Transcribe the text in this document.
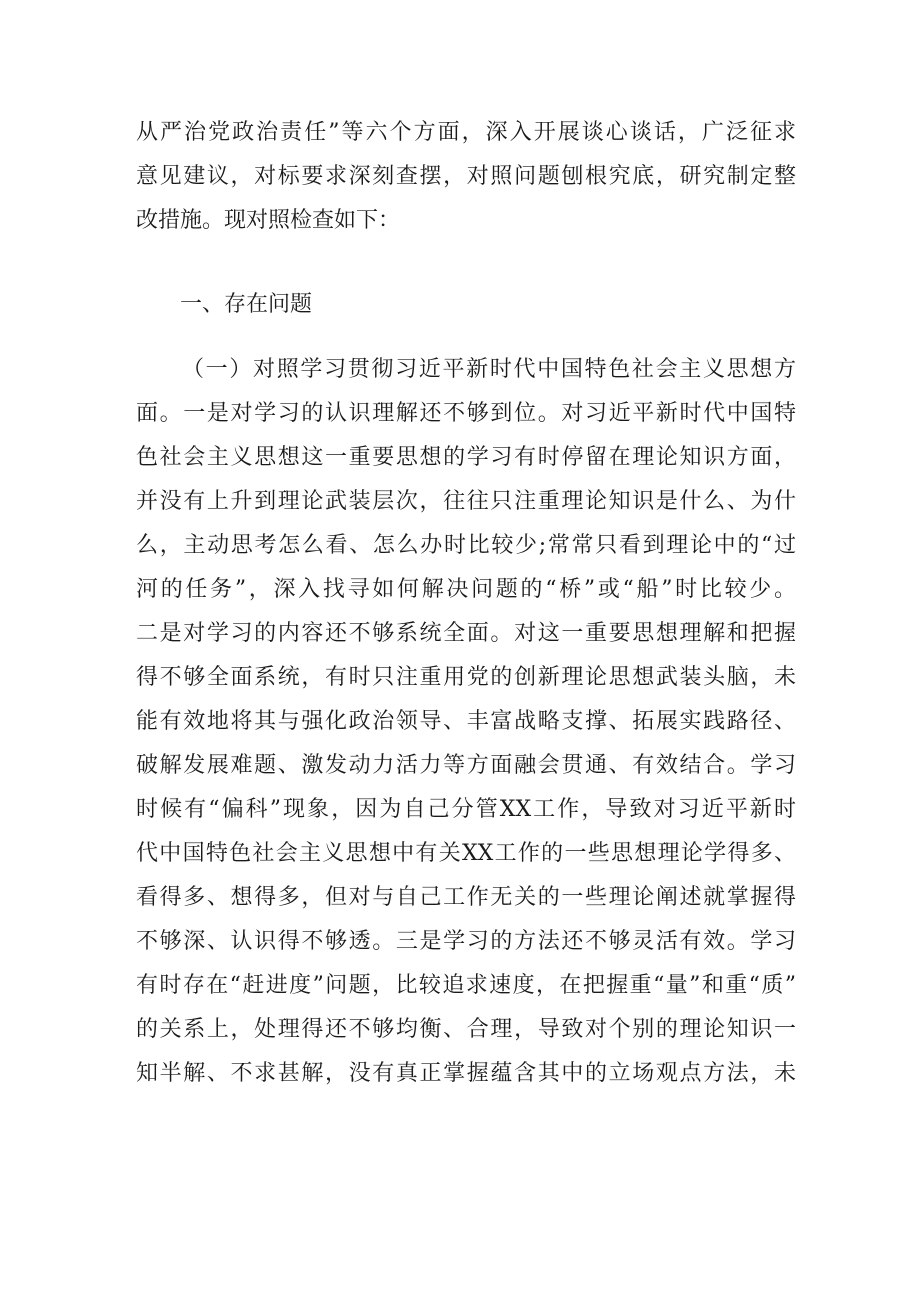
从严治党政治责任”等六个方面，深入开展谈心谈话，广泛征求
意见建议，对标要求深刻查摆，对照问题刨根究底，研究制定整
改措施。现对照检查如下：
一、存在问题
（一）对照学习贯彻习近平新时代中国特色社会主义思想方
面。一是对学习的认识理解还不够到位。对习近平新时代中国特
色社会主义思想这一重要思想的学习有时停留在理论知识方面，
并没有上升到理论武装层次，往往只注重理论知识是什么、为什
么，主动思考怎么看、怎么办时比较少;常常只看到理论中的“过
河的任务”，深入找寻如何解决问题的“桥”或“船”时比较少。
二是对学习的内容还不够系统全面。对这一重要思想理解和把握
得不够全面系统，有时只注重用党的创新理论思想武装头脑，未
能有效地将其与强化政治领导、丰富战略支撑、拓展实践路径、
破解发展难题、激发动力活力等方面融会贯通、有效结合。学习
时候有“偏科”现象，因为自己分管XX工作，导致对习近平新时
代中国特色社会主义思想中有关XX工作的一些思想理论学得多、
看得多、想得多，但对与自己工作无关的一些理论阐述就掌握得
不够深、认识得不够透。三是学习的方法还不够灵活有效。学习
有时存在“赶进度”问题，比较追求速度，在把握重“量”和重“质”
的关系上，处理得还不够均衡、合理，导致对个别的理论知识一
知半解、不求甚解，没有真正掌握蕴含其中的立场观点方法，未
